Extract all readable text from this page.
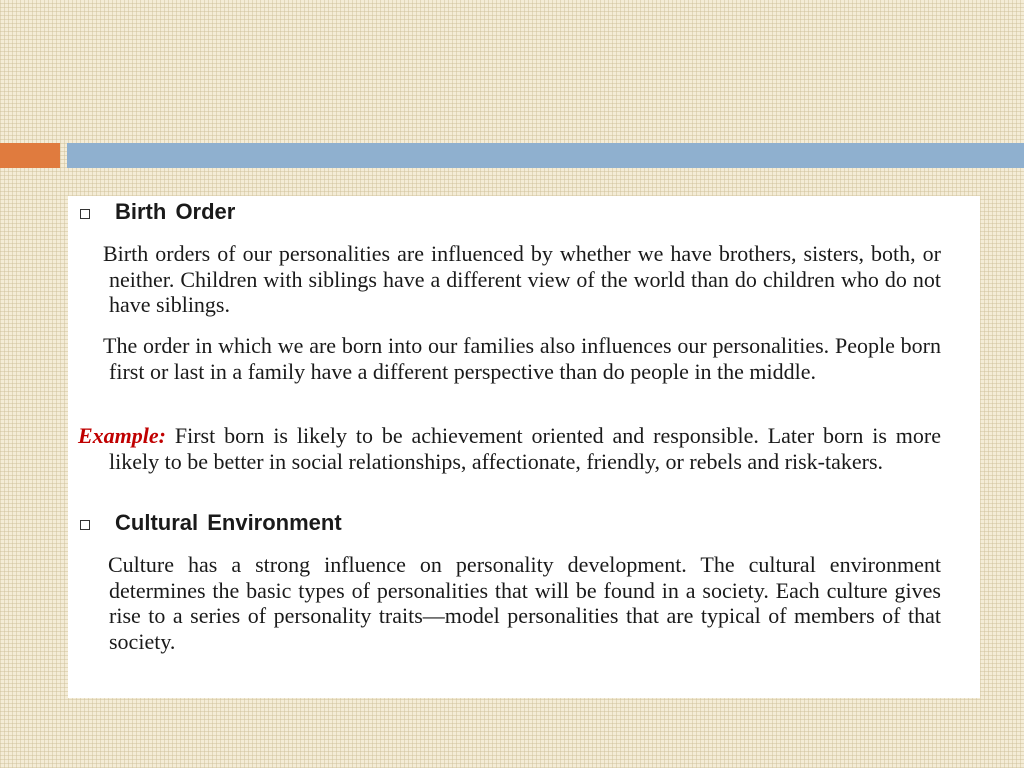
Birth Order

Birth orders of our personalities are influenced by whether we have brothers, sisters, both, or neither. Children with siblings have a different view of the world than do children who do not have siblings.

The order in which we are born into our families also influences our personalities. People born first or last in a family have a different perspective than do people in the middle.

Example: First born is likely to be achievement oriented and responsible. Later born is more likely to be better in social relationships, affectionate, friendly, or rebels and risk-takers.

Cultural Environment

Culture has a strong influence on personality development. The cultural environment determines the basic types of personalities that will be found in a society. Each culture gives rise to a series of personality traits—model personalities that are typical of members of that society.
